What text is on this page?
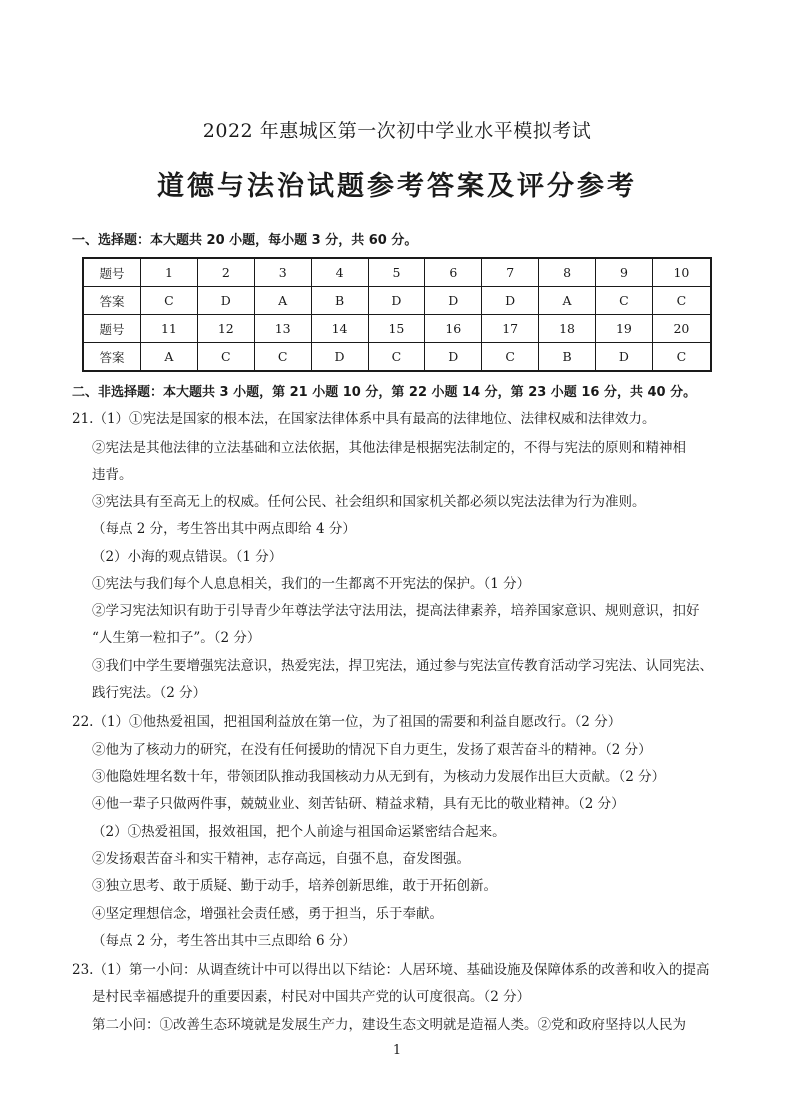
2022 年惠城区第一次初中学业水平模拟考试
道德与法治试题参考答案及评分参考
一、选择题：本大题共 20 小题，每小题 3 分，共 60 分。
题号	1	2	3	4	5	6	7	8	9	10
答案	C	D	A	B	D	D	D	A	C	C
题号	11	12	13	14	15	16	17	18	19	20
答案	A	C	C	D	C	D	C	B	D	C
二、非选择题：本大题共 3 小题，第 21 小题 10 分，第 22 小题 14 分，第 23 小题 16 分，共 40 分。
21.（1）①宪法是国家的根本法，在国家法律体系中具有最高的法律地位、法律权威和法律效力。
②宪法是其他法律的立法基础和立法依据，其他法律是根据宪法制定的，不得与宪法的原则和精神相
违背。
③宪法具有至高无上的权威。任何公民、社会组织和国家机关都必须以宪法法律为行为准则。
（每点 2 分，考生答出其中两点即给 4 分）
（2）小海的观点错误。（1 分）
①宪法与我们每个人息息相关，我们的一生都离不开宪法的保护。（1 分）
②学习宪法知识有助于引导青少年尊法学法守法用法，提高法律素养，培养国家意识、规则意识，扣好
“人生第一粒扣子”。（2 分）
③我们中学生要增强宪法意识，热爱宪法，捍卫宪法，通过参与宪法宣传教育活动学习宪法、认同宪法、
践行宪法。（2 分）
22.（1）①他热爱祖国，把祖国利益放在第一位，为了祖国的需要和利益自愿改行。（2 分）
②他为了核动力的研究，在没有任何援助的情况下自力更生，发扬了艰苦奋斗的精神。（2 分）
③他隐姓埋名数十年，带领团队推动我国核动力从无到有，为核动力发展作出巨大贡献。（2 分）
④他一辈子只做两件事，兢兢业业、刻苦钻研、精益求精，具有无比的敬业精神。（2 分）
（2）①热爱祖国，报效祖国，把个人前途与祖国命运紧密结合起来。
②发扬艰苦奋斗和实干精神，志存高远，自强不息，奋发图强。
③独立思考、敢于质疑、勤于动手，培养创新思维，敢于开拓创新。
④坚定理想信念，增强社会责任感，勇于担当，乐于奉献。
（每点 2 分，考生答出其中三点即给 6 分）
23.（1）第一小问：从调查统计中可以得出以下结论：人居环境、基础设施及保障体系的改善和收入的提高
是村民幸福感提升的重要因素，村民对中国共产党的认可度很高。（2 分）
第二小问：①改善生态环境就是发展生产力，建设生态文明就是造福人类。②党和政府坚持以人民为
1
